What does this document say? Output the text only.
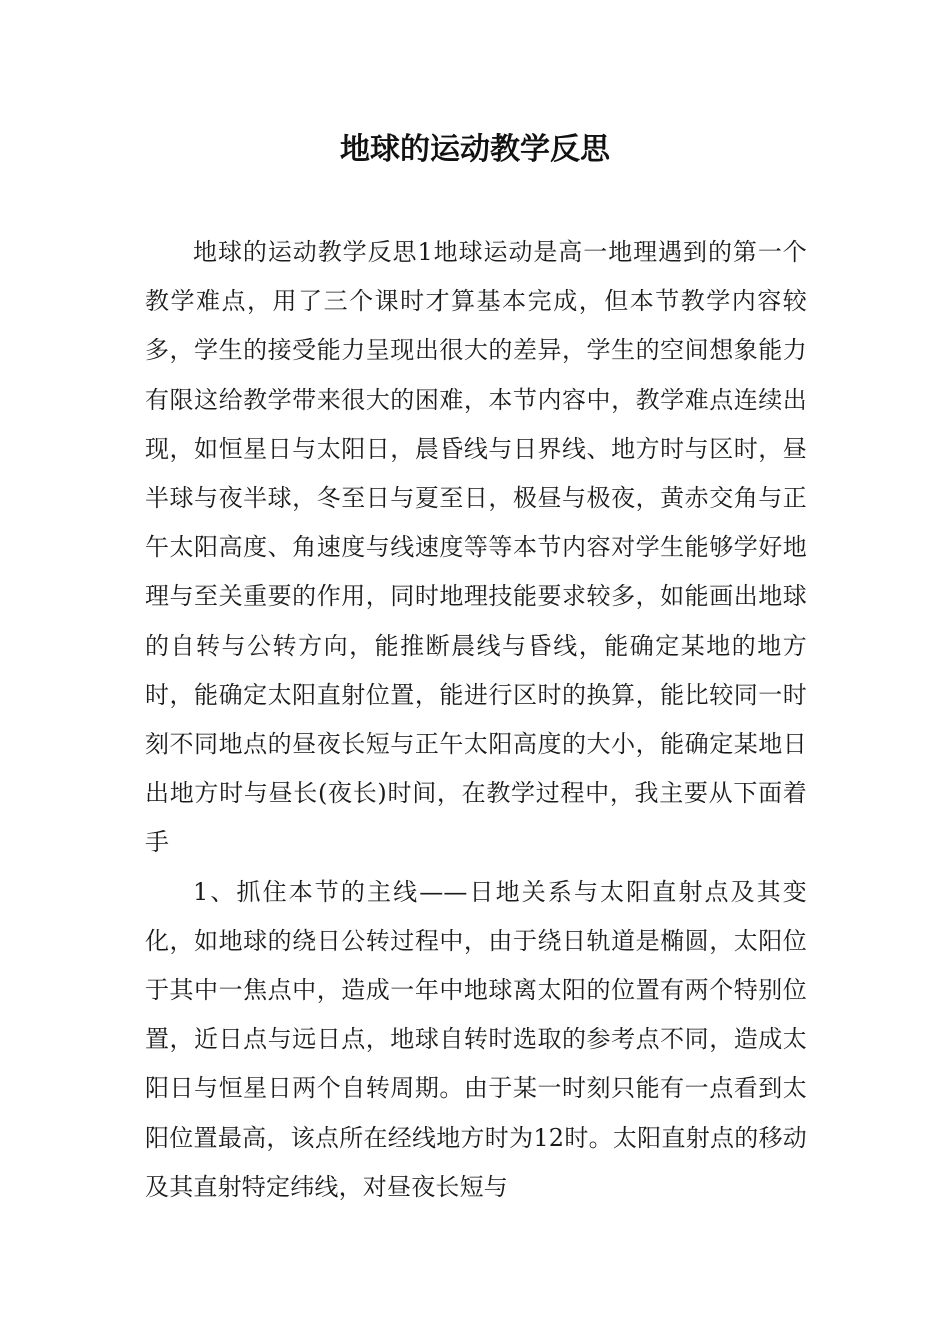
地球的运动教学反思

地球的运动教学反思1地球运动是高一地理遇到的第一个教学难点，用了三个课时才算基本完成，但本节教学内容较多，学生的接受能力呈现出很大的差异，学生的空间想象能力有限这给教学带来很大的困难，本节内容中，教学难点连续出现，如恒星日与太阳日，晨昏线与日界线、地方时与区时，昼半球与夜半球，冬至日与夏至日，极昼与极夜，黄赤交角与正午太阳高度、角速度与线速度等等本节内容对学生能够学好地理与至关重要的作用，同时地理技能要求较多，如能画出地球的自转与公转方向，能推断晨线与昏线，能确定某地的地方时，能确定太阳直射位置，能进行区时的换算，能比较同一时刻不同地点的昼夜长短与正午太阳高度的大小，能确定某地日出地方时与昼长(夜长)时间，在教学过程中，我主要从下面着手

1、抓住本节的主线——日地关系与太阳直射点及其变化，如地球的绕日公转过程中，由于绕日轨道是椭圆，太阳位于其中一焦点中，造成一年中地球离太阳的位置有两个特别位置，近日点与远日点，地球自转时选取的参考点不同，造成太阳日与恒星日两个自转周期。由于某一时刻只能有一点看到太阳位置最高，该点所在经线地方时为12时。太阳直射点的移动及其直射特定纬线，对昼夜长短与
